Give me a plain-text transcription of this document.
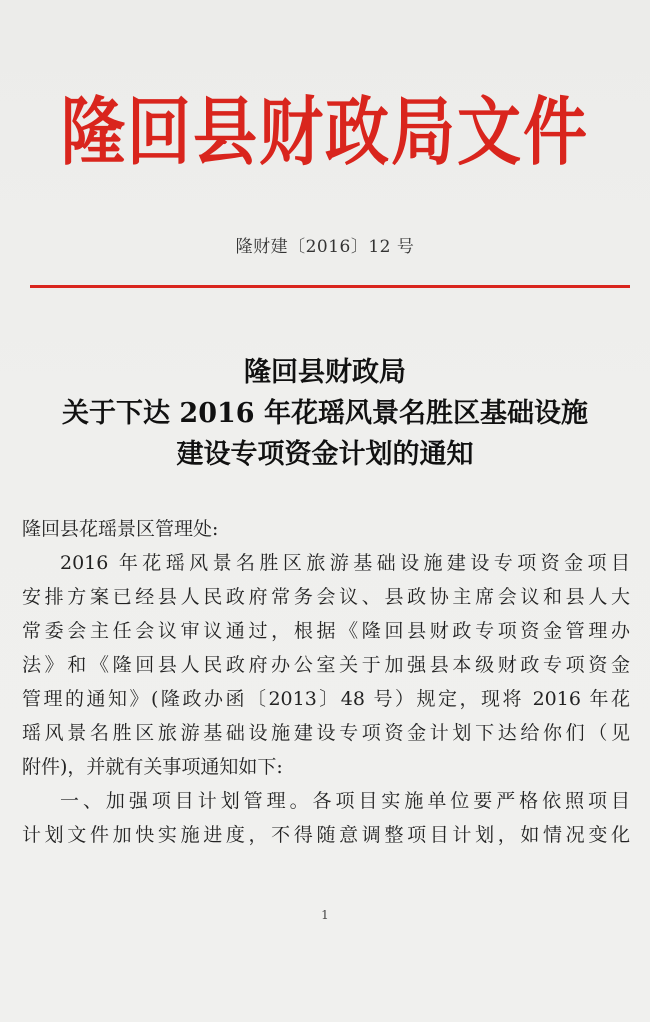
隆回县财政局文件
隆财建〔2016〕12 号
隆回县财政局
关于下达 2016 年花瑶风景名胜区基础设施
建设专项资金计划的通知
隆回县花瑶景区管理处:
2016 年花瑶风景名胜区旅游基础设施建设专项资金项目
安排方案已经县人民政府常务会议、县政协主席会议和县人大
常委会主任会议审议通过，根据《隆回县财政专项资金管理办
法》和《隆回县人民政府办公室关于加强县本级财政专项资金
管理的通知》(隆政办函〔2013〕48 号）规定，现将 2016 年花
瑶风景名胜区旅游基础设施建设专项资金计划下达给你们（见
附件)，并就有关事项通知如下:
一、加强项目计划管理。各项目实施单位要严格依照项目
计划文件加快实施进度，不得随意调整项目计划，如情况变化
1
